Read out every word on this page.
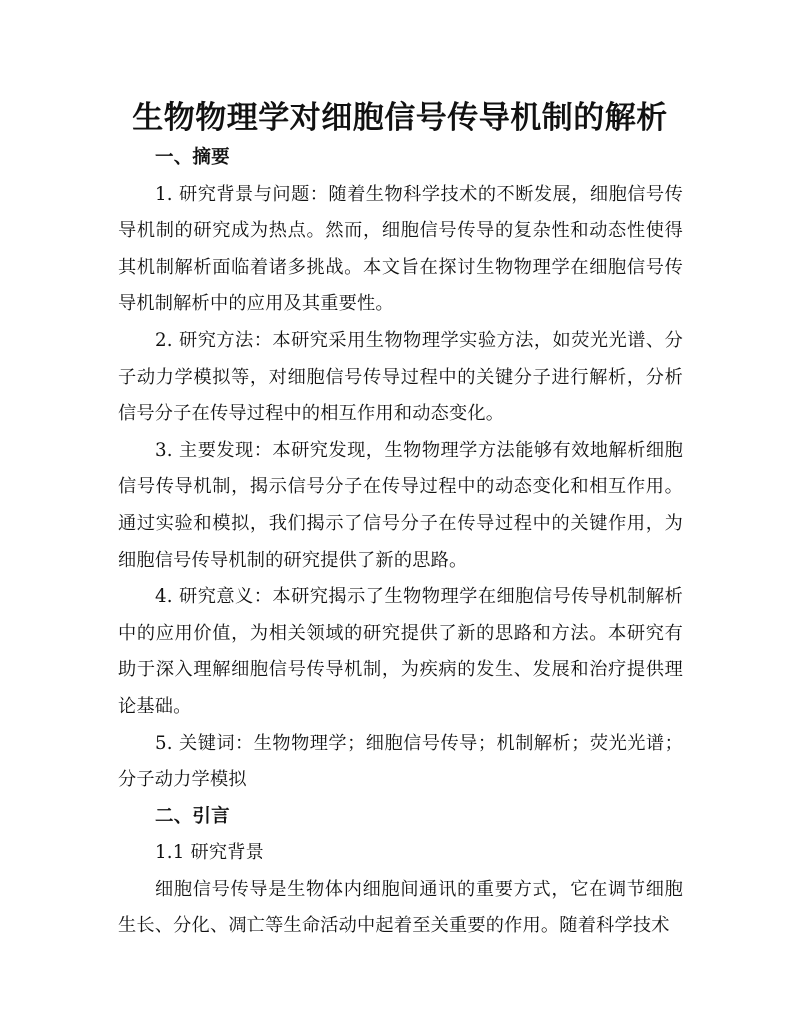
生物物理学对细胞信号传导机制的解析

一、摘要

1. 研究背景与问题：随着生物科学技术的不断发展，细胞信号传导机制的研究成为热点。然而，细胞信号传导的复杂性和动态性使得其机制解析面临着诸多挑战。本文旨在探讨生物物理学在细胞信号传导机制解析中的应用及其重要性。

2. 研究方法：本研究采用生物物理学实验方法，如荧光光谱、分子动力学模拟等，对细胞信号传导过程中的关键分子进行解析，分析信号分子在传导过程中的相互作用和动态变化。

3. 主要发现：本研究发现，生物物理学方法能够有效地解析细胞信号传导机制，揭示信号分子在传导过程中的动态变化和相互作用。通过实验和模拟，我们揭示了信号分子在传导过程中的关键作用，为细胞信号传导机制的研究提供了新的思路。

4. 研究意义：本研究揭示了生物物理学在细胞信号传导机制解析中的应用价值，为相关领域的研究提供了新的思路和方法。本研究有助于深入理解细胞信号传导机制，为疾病的发生、发展和治疗提供理论基础。

5. 关键词：生物物理学；细胞信号传导；机制解析；荧光光谱；分子动力学模拟

二、引言

1.1 研究背景

细胞信号传导是生物体内细胞间通讯的重要方式，它在调节细胞生长、分化、凋亡等生命活动中起着至关重要的作用。随着科学技术
